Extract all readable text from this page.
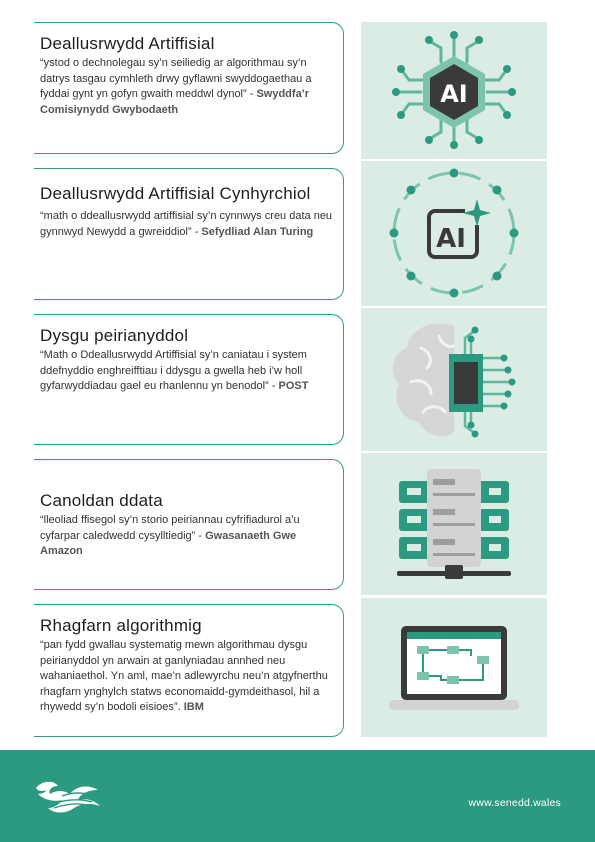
Deallusrwydd Artiffisial
“ystod o dechnolegau sy’n seiliedig ar algorithmau sy’n datrys tasgau cymhleth drwy gyflawni swyddogaethau a fyddai gynt yn gofyn gwaith meddwl dynol” - Swyddfa’r Comisiynydd Gwybodaeth
AI
Deallusrwydd Artiffisial Cynhyrchiol
“math o ddeallusrwydd artiffisial sy’n cynnwys creu data neu gynnwyd Newydd a gwreiddiol” - Sefydliad Alan Turing	AI
Dysgu peirianyddol
“Math o Ddeallusrwydd Artiffisial sy’n caniatau i system ddefnyddio enghreifftiau i ddysgu a gwella heb i’w holl gyfarwyddiadau gael eu rhanlennu yn benodol” - POST
Canoldan ddata
“lleoliad ffisegol sy’n storio peiriannau cyfrifiadurol a’u cyfarpar caledwedd cysylltiedig” - Gwasanaeth Gwe Amazon
Rhagfarn algorithmig
“pan fydd gwallau systematig mewn algorithmau dysgu peirianyddol yn arwain at ganlyniadau annhed neu wahaniaethol. Yn aml, mae’n adlewyrchu neu’n atgyfnerthu rhagfarn ynghylch statws economaidd-gymdeithasol, hil a rhywedd sy’n bodoli eisioes”. IBM
www.senedd.wales
